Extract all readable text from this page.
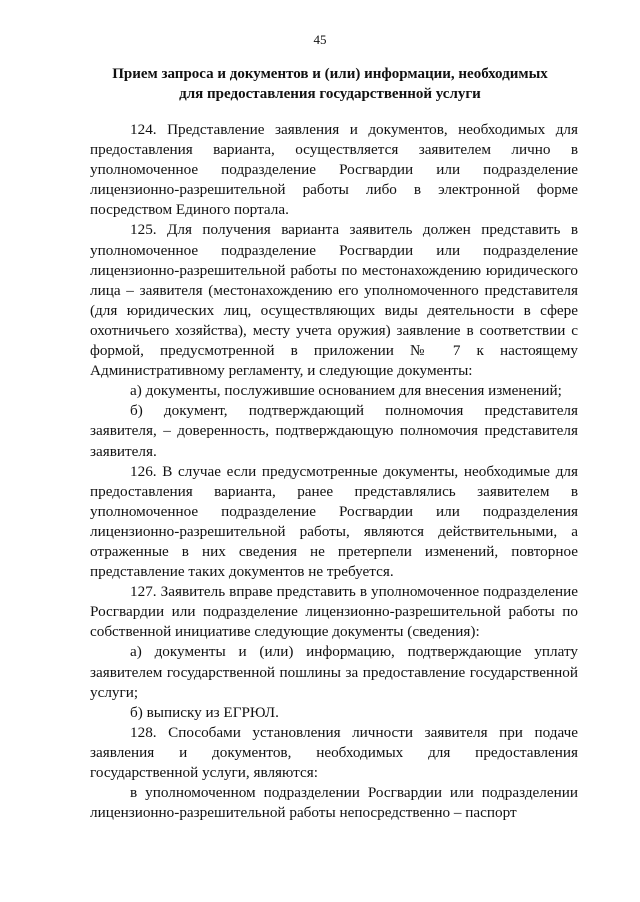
45
Прием запроса и документов и (или) информации, необходимых
для предоставления государственной услуги

124. Представление заявления и документов, необходимых для предоставления варианта, осуществляется заявителем лично в уполномоченное подразделение Росгвардии или подразделение лицензионно-разрешительной работы либо в электронной форме посредством Единого портала.

125. Для получения варианта заявитель должен представить в уполномоченное подразделение Росгвардии или подразделение лицензионно-разрешительной работы по местонахождению юридического лица – заявителя (местонахождению его уполномоченного представителя (для юридических лиц, осуществляющих виды деятельности в сфере охотничьего хозяйства), месту учета оружия) заявление в соответствии с формой, предусмотренной в приложении № 7 к настоящему Административному регламенту, и следующие документы:

а) документы, послужившие основанием для внесения изменений;

б) документ, подтверждающий полномочия представителя заявителя, – доверенность, подтверждающую полномочия представителя заявителя.

126. В случае если предусмотренные документы, необходимые для предоставления варианта, ранее представлялись заявителем в уполномоченное подразделение Росгвардии или подразделения лицензионно-разрешительной работы, являются действительными, а отраженные в них сведения не претерпели изменений, повторное представление таких документов не требуется.

127. Заявитель вправе представить в уполномоченное подразделение Росгвардии или подразделение лицензионно-разрешительной работы по собственной инициативе следующие документы (сведения):

а) документы и (или) информацию, подтверждающие уплату заявителем государственной пошлины за предоставление государственной услуги;

б) выписку из ЕГРЮЛ.

128. Способами установления личности заявителя при подаче заявления и документов, необходимых для предоставления государственной услуги, являются:

в уполномоченном подразделении Росгвардии или подразделении лицензионно-разрешительной работы непосредственно – паспорт
